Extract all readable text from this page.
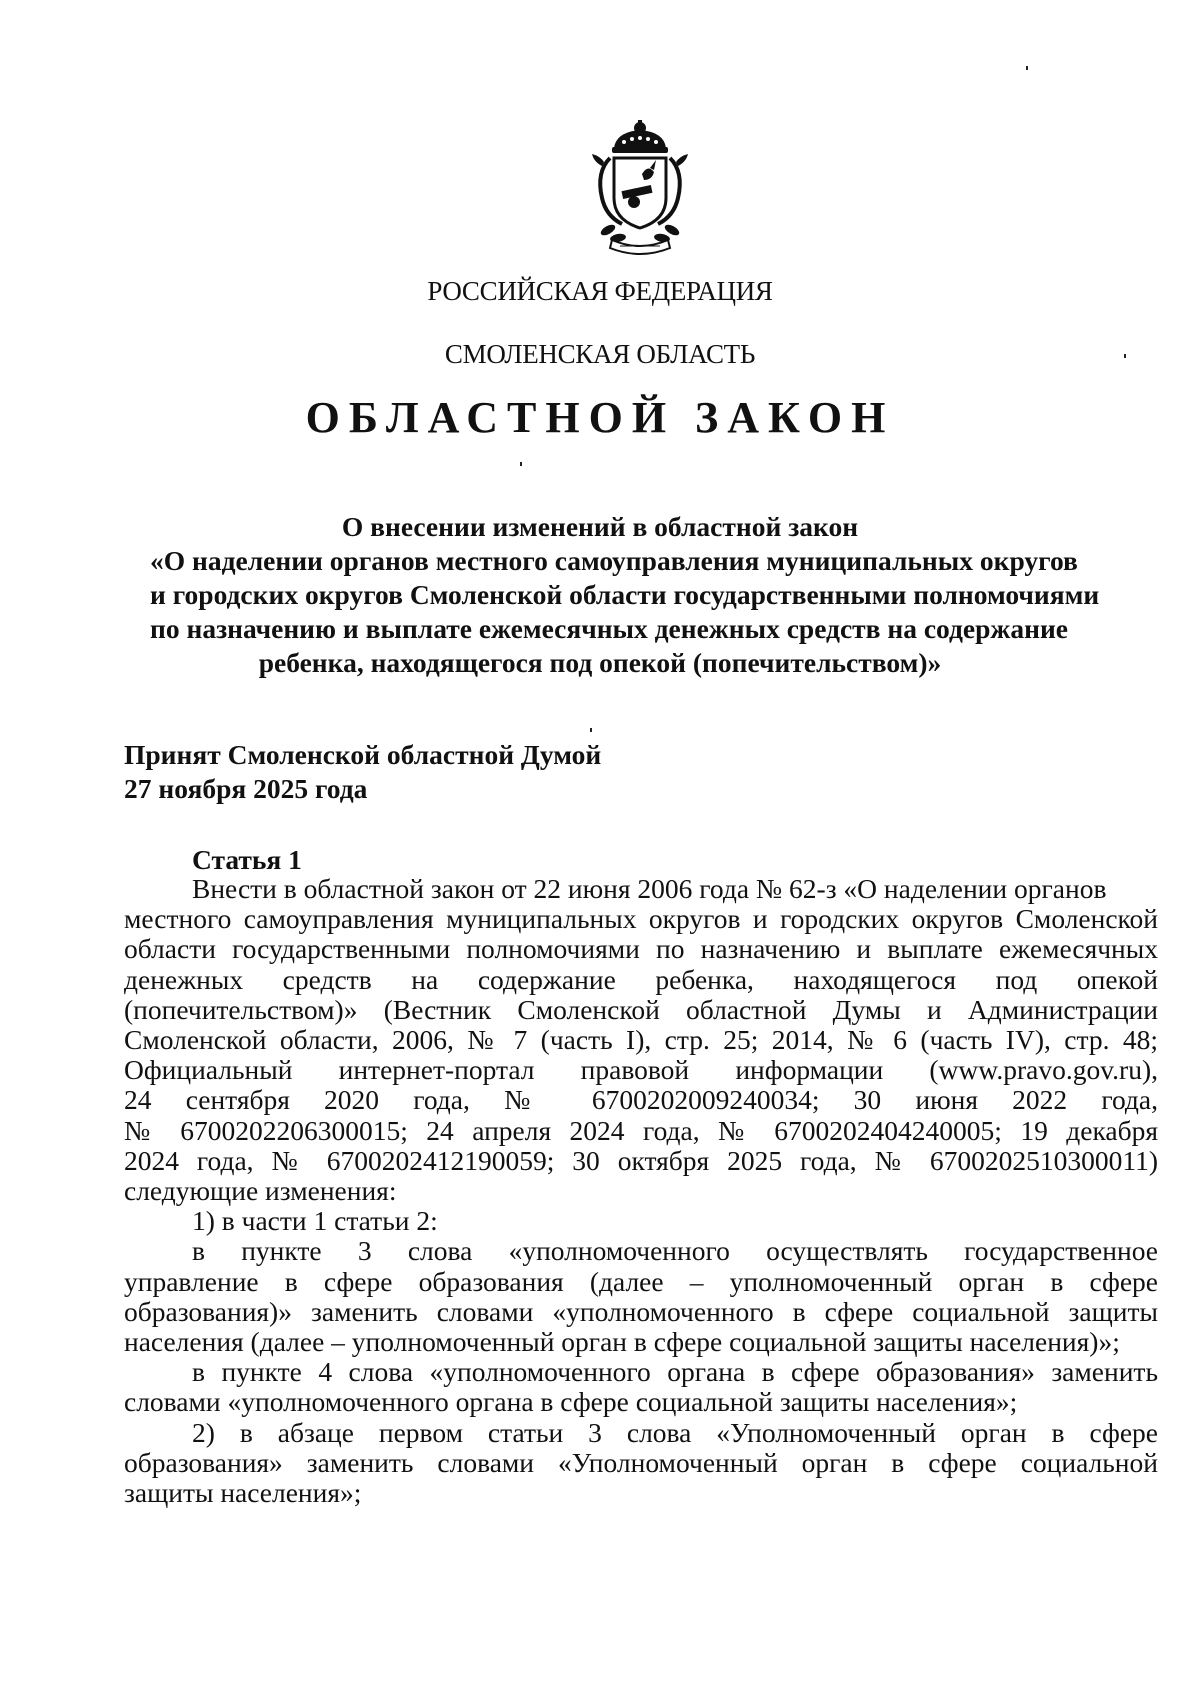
РОССИЙСКАЯ ФЕДЕРАЦИЯ
СМОЛЕНСКАЯ ОБЛАСТЬ
ОБЛАСТНОЙ ЗАКОН
О внесении изменений в областной закон
«О наделении органов местного самоуправления муниципальных округов
и городских округов Смоленской области государственными полномочиями
по назначению и выплате ежемесячных денежных средств на содержание
ребенка, находящегося под опекой (попечительством)»
Принят Смоленской областной Думой
27 ноября 2025 года
Статья 1
Внести в областной закон от 22 июня 2006 года № 62-з «О наделении органов
местного самоуправления муниципальных округов и городских округов Смоленской
области государственными полномочиями по назначению и выплате ежемесячных
денежных средств на содержание ребенка, находящегося под опекой
(попечительством)» (Вестник Смоленской областной Думы и Администрации
Смоленской области, 2006, № 7 (часть I), стр. 25; 2014, № 6 (часть IV), стр. 48;
Официальный интернет-портал правовой информации (www.pravo.gov.ru),
24 сентября 2020 года, № 6700202009240034; 30 июня 2022 года,
№ 6700202206300015; 24 апреля 2024 года, № 6700202404240005; 19 декабря
2024 года, № 6700202412190059; 30 октября 2025 года, № 6700202510300011)
следующие изменения:
1) в части 1 статьи 2:
в пункте 3 слова «уполномоченного осуществлять государственное
управление в сфере образования (далее – уполномоченный орган в сфере
образования)» заменить словами «уполномоченного в сфере социальной защиты
населения (далее – уполномоченный орган в сфере социальной защиты населения)»;
в пункте 4 слова «уполномоченного органа в сфере образования» заменить
словами «уполномоченного органа в сфере социальной защиты населения»;
2) в абзаце первом статьи 3 слова «Уполномоченный орган в сфере
образования» заменить словами «Уполномоченный орган в сфере социальной
защиты населения»;
